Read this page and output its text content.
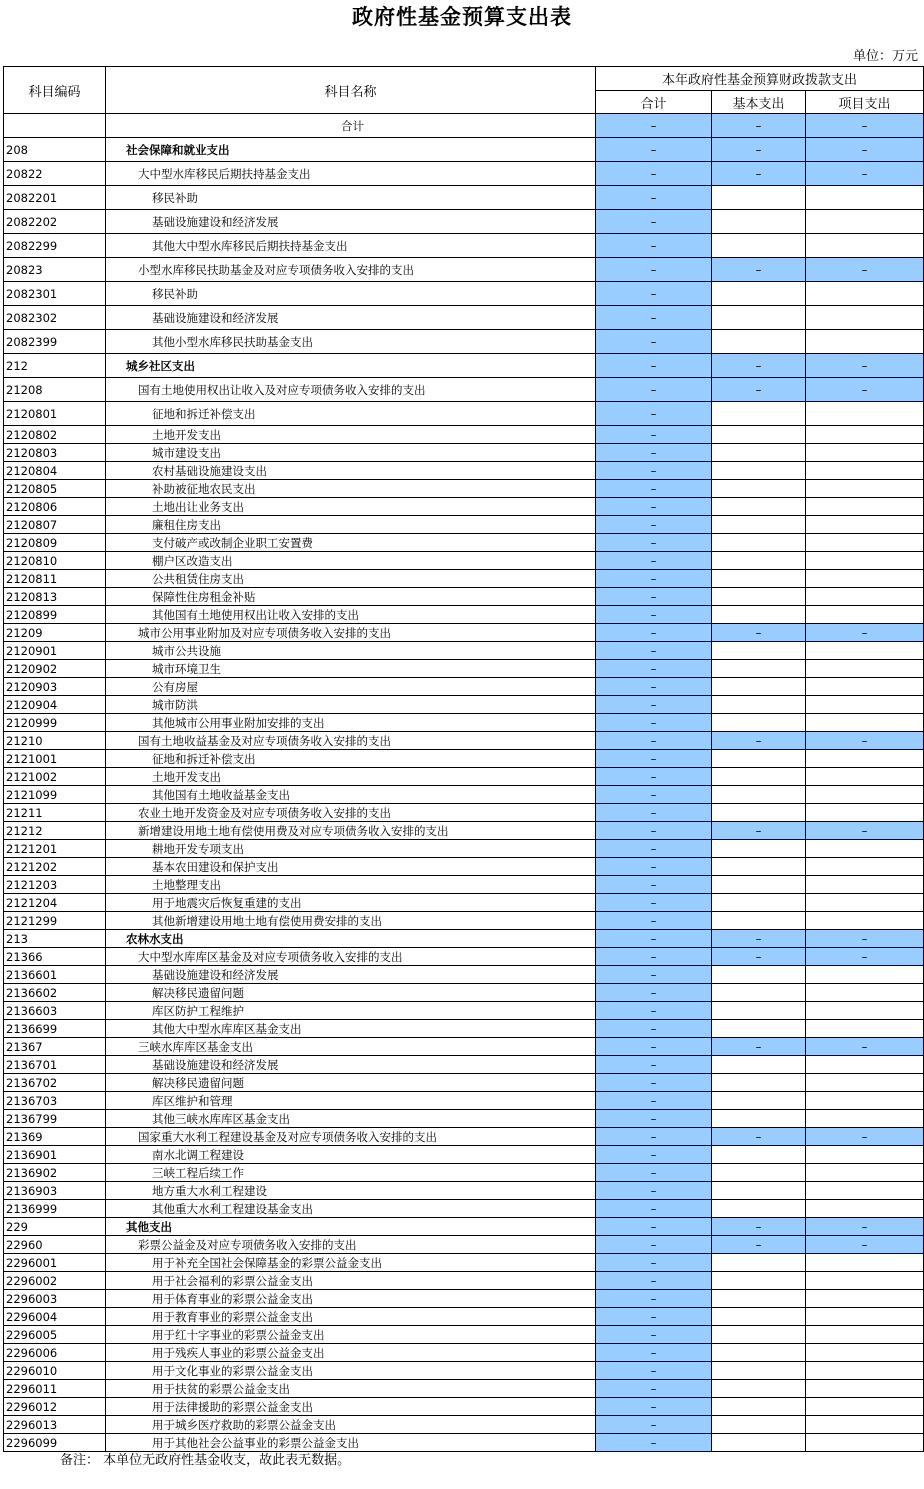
政府性基金预算支出表
单位：万元
科目编码	科目名称	本年政府性基金预算财政拨款支出		
		合计	基本支出	项目支出

	合计	–	–	–
208	社会保障和就业支出	–	–	–
20822	大中型水库移民后期扶持基金支出	–	–	–
2082201	移民补助	–		
2082202	基础设施建设和经济发展	–		
2082299	其他大中型水库移民后期扶持基金支出	–		
20823	小型水库移民扶助基金及对应专项债务收入安排的支出	–	–	–
2082301	移民补助	–		
2082302	基础设施建设和经济发展	–		
2082399	其他小型水库移民扶助基金支出	–		
212	城乡社区支出	–	–	–
21208	国有土地使用权出让收入及对应专项债务收入安排的支出	–	–	–
2120801	征地和拆迁补偿支出	–		
2120802	土地开发支出	–		
2120803	城市建设支出	–		
2120804	农村基础设施建设支出	–		
2120805	补助被征地农民支出	–		
2120806	土地出让业务支出	–		
2120807	廉租住房支出	–		
2120809	支付破产或改制企业职工安置费	–		
2120810	棚户区改造支出	–		
2120811	公共租赁住房支出	–		
2120813	保障性住房租金补贴	–		
2120899	其他国有土地使用权出让收入安排的支出	–		
21209	城市公用事业附加及对应专项债务收入安排的支出	–	–	–
2120901	城市公共设施	–		
2120902	城市环境卫生	–		
2120903	公有房屋	–		
2120904	城市防洪	–		
2120999	其他城市公用事业附加安排的支出	–		
21210	国有土地收益基金及对应专项债务收入安排的支出	–	–	–
2121001	征地和拆迁补偿支出	–		
2121002	土地开发支出	–		
2121099	其他国有土地收益基金支出	–		
21211	农业土地开发资金及对应专项债务收入安排的支出	–		
21212	新增建设用地土地有偿使用费及对应专项债务收入安排的支出	–	–	–
2121201	耕地开发专项支出	–		
2121202	基本农田建设和保护支出	–		
2121203	土地整理支出	–		
2121204	用于地震灾后恢复重建的支出	–		
2121299	其他新增建设用地土地有偿使用费安排的支出	–		
213	农林水支出	–	–	–
21366	大中型水库库区基金及对应专项债务收入安排的支出	–	–	–
2136601	基础设施建设和经济发展	–		
2136602	解决移民遗留问题	–		
2136603	库区防护工程维护	–		
2136699	其他大中型水库库区基金支出	–		
21367	三峡水库库区基金支出	–	–	–
2136701	基础设施建设和经济发展	–		
2136702	解决移民遗留问题	–		
2136703	库区维护和管理	–		
2136799	其他三峡水库库区基金支出	–		
21369	国家重大水利工程建设基金及对应专项债务收入安排的支出	–	–	–
2136901	南水北调工程建设	–		
2136902	三峡工程后续工作	–		
2136903	地方重大水利工程建设	–		
2136999	其他重大水利工程建设基金支出	–		
229	其他支出	–	–	–
22960	彩票公益金及对应专项债务收入安排的支出	–	–	–
2296001	用于补充全国社会保障基金的彩票公益金支出	–		
2296002	用于社会福利的彩票公益金支出	–		
2296003	用于体育事业的彩票公益金支出	–		
2296004	用于教育事业的彩票公益金支出	–		
2296005	用于红十字事业的彩票公益金支出	–		
2296006	用于残疾人事业的彩票公益金支出	–		
2296010	用于文化事业的彩票公益金支出	–		
2296011	用于扶贫的彩票公益金支出	–		
2296012	用于法律援助的彩票公益金支出	–		
2296013	用于城乡医疗救助的彩票公益金支出	–		
2296099	用于其他社会公益事业的彩票公益金支出	–		
备注： 本单位无政府性基金收支，故此表无数据。
